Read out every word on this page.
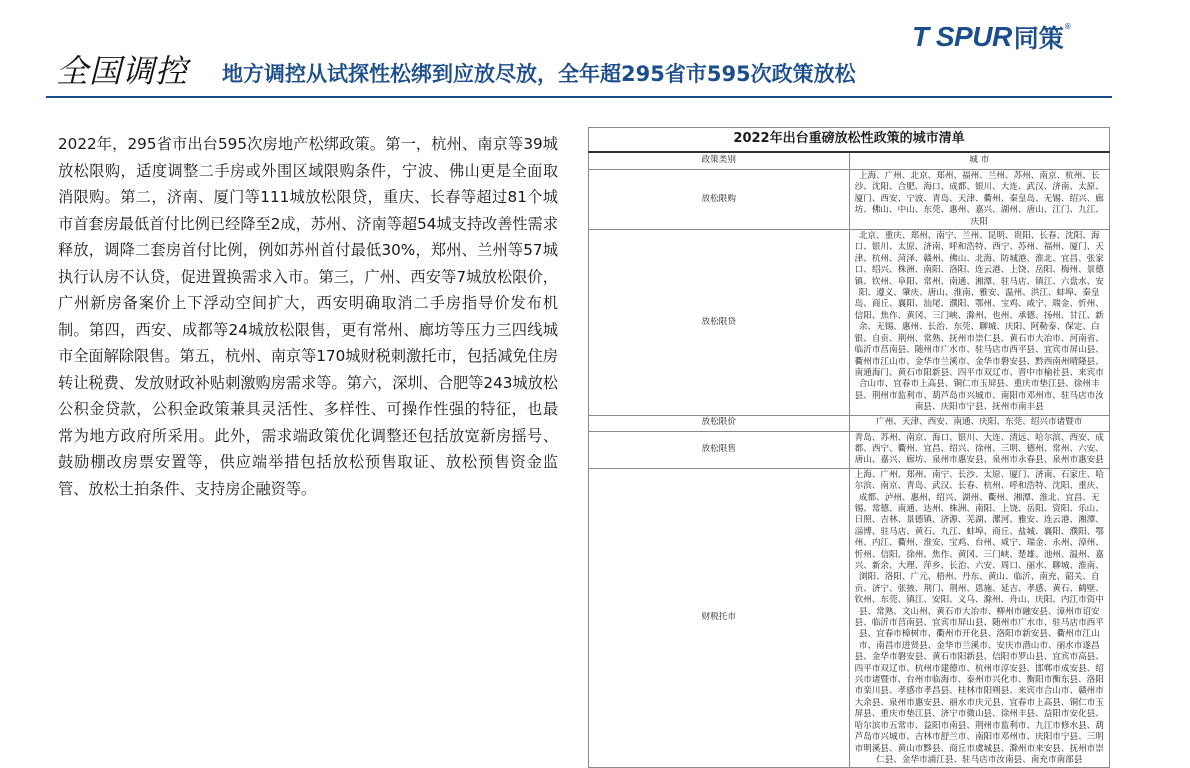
全国调控 地方调控从试探性松绑到应放尽放，全年超295省市595次政策放松
T SPUR 同策 ®
2022年，295省市出台595次房地产松绑政策。第一，杭州、南京等39城放松限购，适度调整二手房或外围区域限购条件，宁波、佛山更是全面取消限购。第二，济南、厦门等111城放松限贷，重庆、长春等超过81个城市首套房最低首付比例已经降至2成，苏州、济南等超54城支持改善性需求释放，调降二套房首付比例，例如苏州首付最低30%，郑州、兰州等57城执行认房不认贷，促进置换需求入市。第三，广州、西安等7城放松限价，广州新房备案价上下浮动空间扩大，西安明确取消二手房指导价发布机制。第四，西安、成都等24城放松限售，更有常州、廊坊等压力三四线城市全面解除限售。第五，杭州、南京等170城财税刺激托市，包括减免住房转让税费、发放财政补贴刺激购房需求等。第六，深圳、合肥等243城放松公积金贷款，公积金政策兼具灵活性、多样性、可操作性强的特征，也最常为地方政府所采用。此外，需求端政策优化调整还包括放宽新房摇号、鼓励棚改房票安置等，供应端举措包括放松预售取证、放松预售资金监管、放松土拍条件、支持房企融资等。
2022年出台重磅放松性政策的城市清单	
政策类别	城 市
放松限购	上海、广州、北京、郑州、福州、兰州、苏州、南京、杭州、长沙、沈阳、合肥、海口、成都、银川、大连、武汉、济南、太原、厦门、西安、宁波、青岛、天津、衢州、秦皇岛、无锡、绍兴、廊坊、佛山、中山、东莞、惠州、嘉兴、湖州、唐山、江门、九江、庆阳
放松限贷	北京、重庆、郑州、南宁、兰州、昆明、贵阳、长春、沈阳、海口、银川、太原、济南、呼和浩特、西宁、苏州、福州、厦门、天津、杭州、菏泽、赣州、佛山、北海、防城港、淮北、宜昌、张家口、绍兴、株洲、南阳、洛阳、连云港、上饶、岳阳、梅州、景德镇、钦州、阜阳、常州、南通、湘潭、驻马店、镇江、六盘水、安阳、遵义、肇庆、唐山、淮南、雅安、温州、洪江、蚌埠、秦皇岛、商丘、襄阳、汕尾、濮阳、鄂州、宝鸡、咸宁、瑞金、忻州、信阳、焦作、黄冈、三门峡、滁州、也州、承德、扬州、甘江、新余、无锡、惠州、长治、东莞、聊城、庆阳、阿勒泰、保定、白银、自贡、荆州、常熟、抚州市崇仁县、黄石市大冶市、河南省、临沂市莒南县、随州市广水市、驻马店市西平县、宜宾市屏山县、衢州市江山市、金华市兰溪市、金华市磐安县、黔西南州晴隆县、南通海门、黄石市阳新县、四平市双辽市、晋中市榆社县、来宾市合山市、宜春市上高县、铜仁市玉屏县、重庆市垫江县、徐州丰县、荆州市监利市、葫芦岛市兴城市、南阳市邓州市、驻马店市汝南县、庆阳市宁县、抚州市南丰县
放松限价	广州、天津、西安、南通、庆阳、东莞、绍兴市诸暨市
放松限售	青岛、苏州、南京、海口、银川、大连、清远、哈尔滨、西安、成都、西宁、衢州、宜昌、绍兴、徐州、三明、德州、常州、六安、唐山、嘉兴、廊坊、泉州市惠安县、泉州市永春县、泉州市惠安县
财税托市	上海、广州、郑州、南宁、长沙、太原、厦门、济南、石家庄、哈尔滨、南京、青岛、武汉、长春、杭州、呼和浩特、沈阳、重庆、成都、泸州、惠州、绍兴、湖州、衢州、湘潭、淮北、宜昌、无锡、常德、南通、达州、株洲、南阳、上饶、岳阳、资阳、乐山、日照、吉林、景德镇、济源、芜湖、漯河、雅安、连云港、湘潭、淄博、驻马店、黄石、九江、蚌埠、商丘、盐城、襄阳、濮阳、鄂州、内江、衢州、淮安、宝鸡、台州、咸宁、瑞金、永州、漳州、忻州、信阳、徐州、焦作、黄冈、三门峡、楚雄、池州、温州、嘉兴、新余、大理、萍乡、长治、六安、周口、丽水、聊城、淮南、浏阳、洛阳、广元、梧州、丹东、黄山、临沂、南充、韶关、自贡、济宁、张掖、荆门、荆州、恩施、延吉、孝感、黄石、鹤壁、钦州、东莞、镇江、安阳、义乌、滁州、舟山、庆阳、内江市资中县、常熟、文山州、黄石市大冶市、柳州市融安县、漳州市诏安县、临沂市莒南县、宜宾市屏山县、随州市广水市、驻马店市西平县、宜春市樟树市、衢州市开化县、洛阳市新安县、衢州市江山市、南昌市进贤县、金华市兰溪市、安庆市潜山市、丽水市遂昌县、金华市磐安县、黄石市阳新县、信阳市罗山县、宜宾市高县、四平市双辽市、杭州市建德市、杭州市淳安县、邯郸市成安县、绍兴市诸暨市、台州市临海市、泰州市兴化市、衡阳市衡东县、洛阳市栾川县、孝感市孝昌县、桂林市阳朔县、来宾市合山市、赣州市大余县、泉州市惠安县、丽水市庆元县、宜春市上高县、铜仁市玉屏县、重庆市垫江县、济宁市微山县、徐州丰县、益阳市安化县、哈尔滨市五常市、益阳市南县、荆州市监利市、九江市修水县、葫芦岛市兴城市、吉林市舒兰市、南阳市邓州市、庆阳市宁县、三明市明溪县、黄山市黟县、商丘市虞城县、滁州市来安县、抚州市崇仁县、金华市浦江县、驻马店市汝南县、南充市南部县
